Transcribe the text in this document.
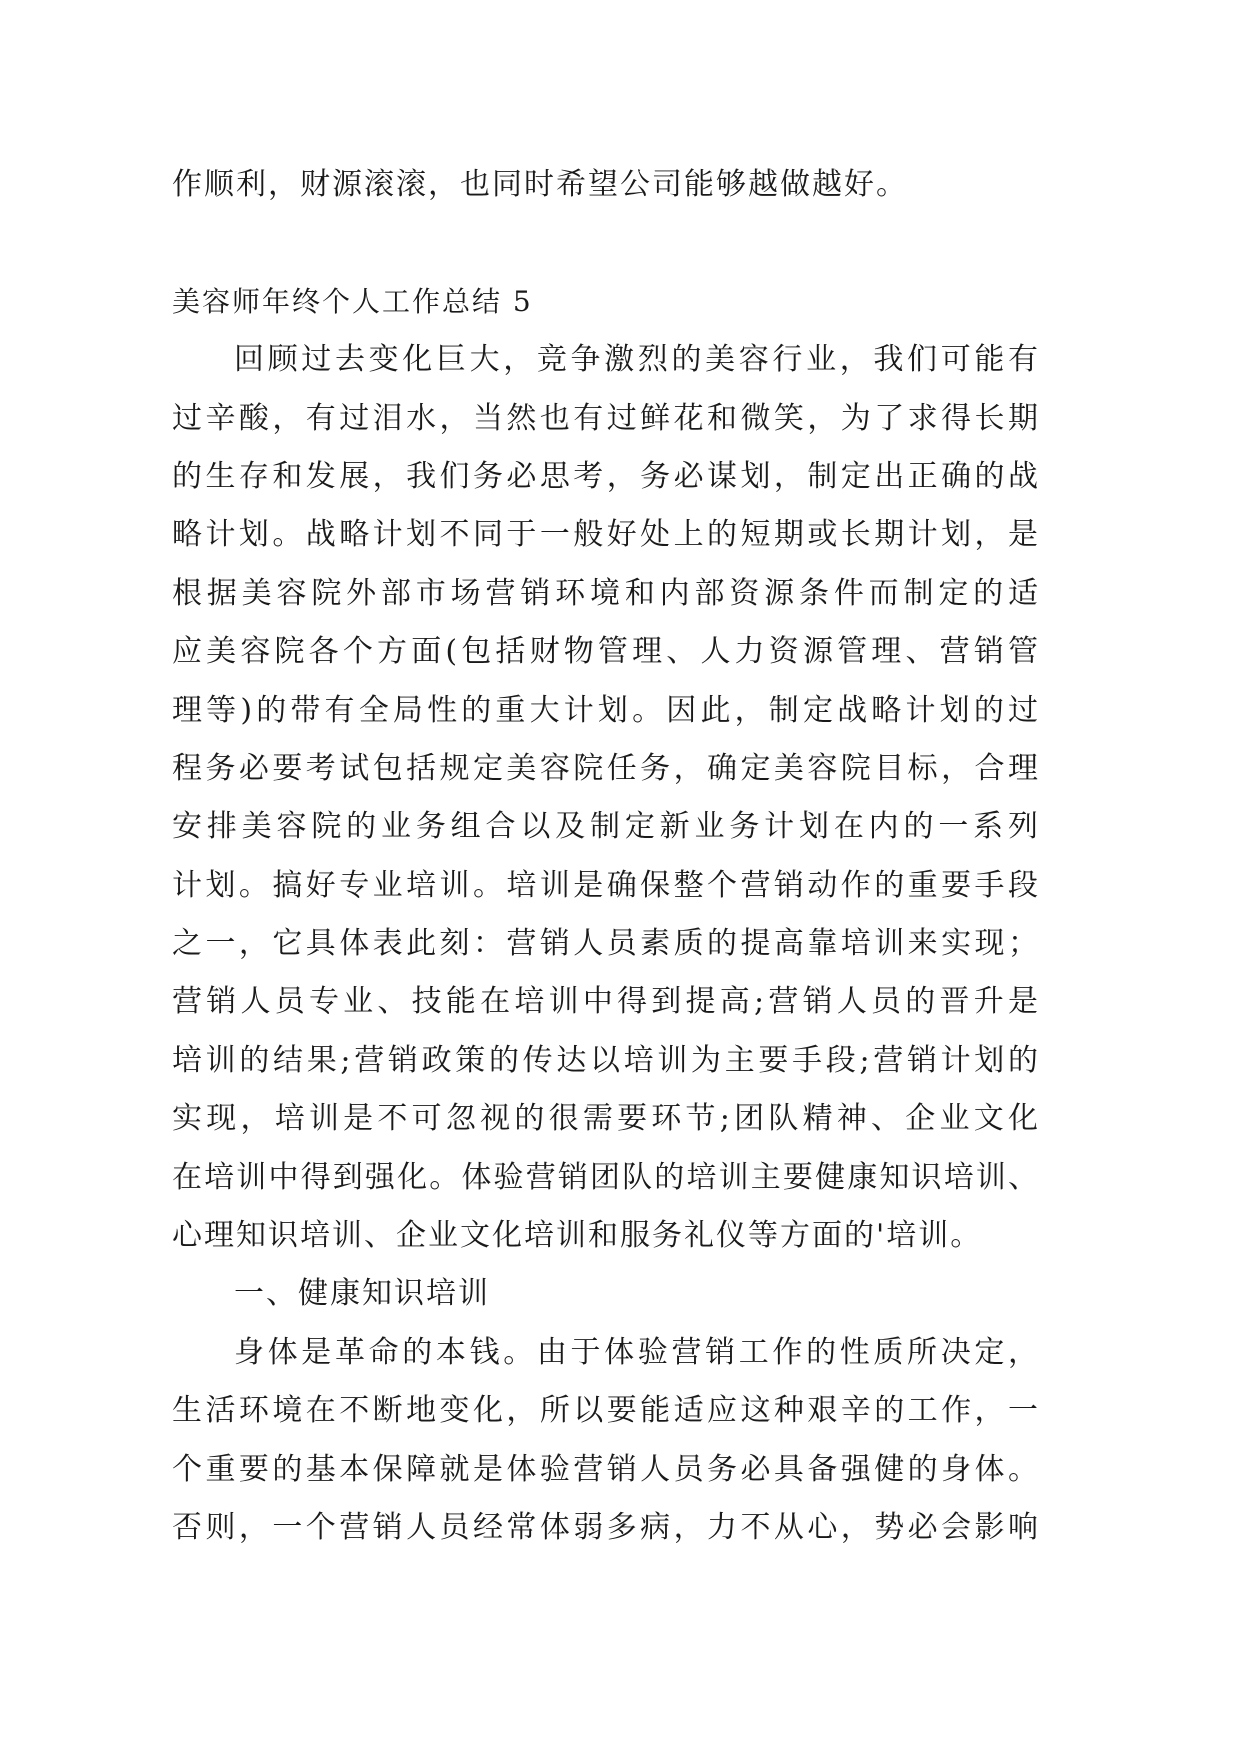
作顺利，财源滚滚，也同时希望公司能够越做越好。
美容师年终个人工作总结 5
回顾过去变化巨大，竞争激烈的美容行业，我们可能有
过辛酸，有过泪水，当然也有过鲜花和微笑，为了求得长期
的生存和发展，我们务必思考，务必谋划，制定出正确的战
略计划。战略计划不同于一般好处上的短期或长期计划，是
根据美容院外部市场营销环境和内部资源条件而制定的适
应美容院各个方面(包括财物管理、人力资源管理、营销管
理等)的带有全局性的重大计划。因此，制定战略计划的过
程务必要考试包括规定美容院任务，确定美容院目标，合理
安排美容院的业务组合以及制定新业务计划在内的一系列
计划。搞好专业培训。培训是确保整个营销动作的重要手段
之一，它具体表此刻：营销人员素质的提高靠培训来实现；
营销人员专业、技能在培训中得到提高;营销人员的晋升是
培训的结果;营销政策的传达以培训为主要手段;营销计划的
实现，培训是不可忽视的很需要环节;团队精神、企业文化
在培训中得到强化。体验营销团队的培训主要健康知识培训、
心理知识培训、企业文化培训和服务礼仪等方面的'培训。
一、健康知识培训
身体是革命的本钱。由于体验营销工作的性质所决定，
生活环境在不断地变化，所以要能适应这种艰辛的工作，一
个重要的基本保障就是体验营销人员务必具备强健的身体。
否则，一个营销人员经常体弱多病，力不从心，势必会影响
